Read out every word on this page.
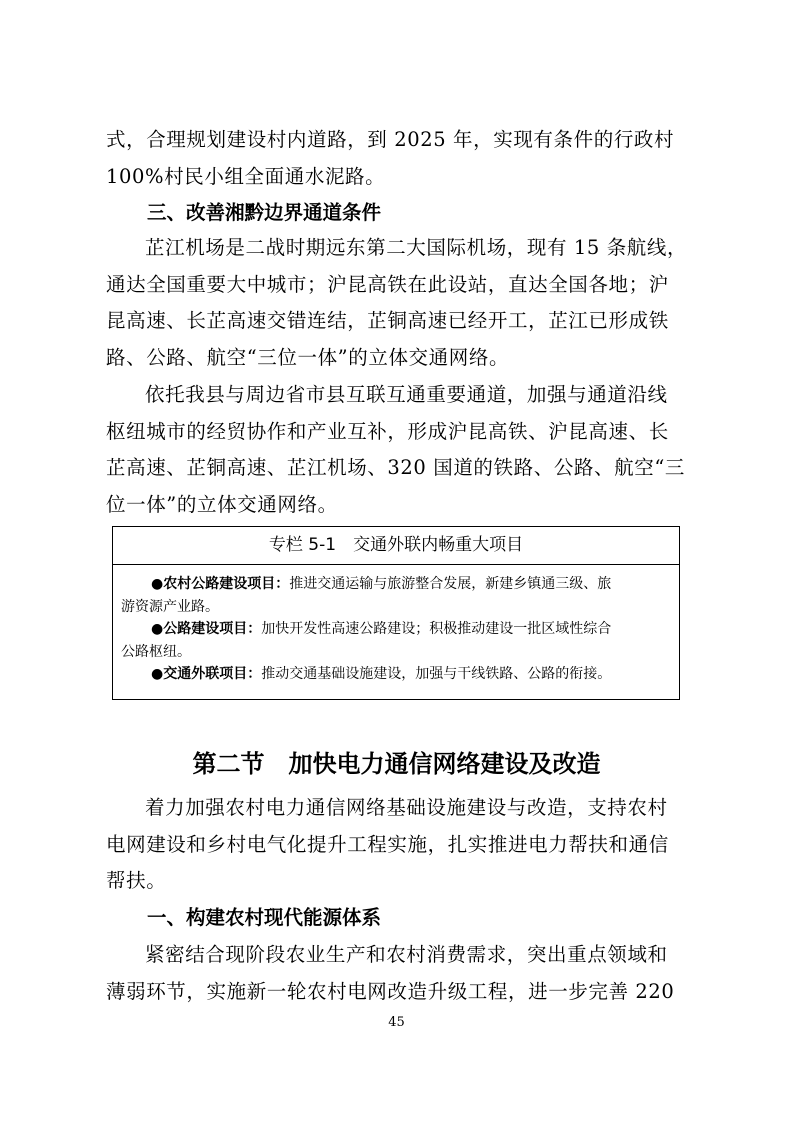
式，合理规划建设村内道路，到 2025 年，实现有条件的行政村
100%村民小组全面通水泥路。
三、改善湘黔边界通道条件
芷江机场是二战时期远东第二大国际机场，现有 15 条航线，
通达全国重要大中城市；沪昆高铁在此设站，直达全国各地；沪
昆高速、长芷高速交错连结，芷铜高速已经开工，芷江已形成铁
路、公路、航空“三位一体”的立体交通网络。
依托我县与周边省市县互联互通重要通道，加强与通道沿线
枢纽城市的经贸协作和产业互补，形成沪昆高铁、沪昆高速、长
芷高速、芷铜高速、芷江机场、320 国道的铁路、公路、航空“三
位一体”的立体交通网络。
专栏 5-1　交通外联内畅重大项目
●农村公路建设项目：推进交通运输与旅游整合发展，新建乡镇通三级、旅
游资源产业路。
●公路建设项目：加快开发性高速公路建设；积极推动建设一批区域性综合
公路枢纽。
●交通外联项目：推动交通基础设施建设，加强与干线铁路、公路的衔接。
第二节　加快电力通信网络建设及改造
着力加强农村电力通信网络基础设施建设与改造，支持农村
电网建设和乡村电气化提升工程实施，扎实推进电力帮扶和通信
帮扶。
一、构建农村现代能源体系
紧密结合现阶段农业生产和农村消费需求，突出重点领域和
薄弱环节，实施新一轮农村电网改造升级工程，进一步完善 220
45
